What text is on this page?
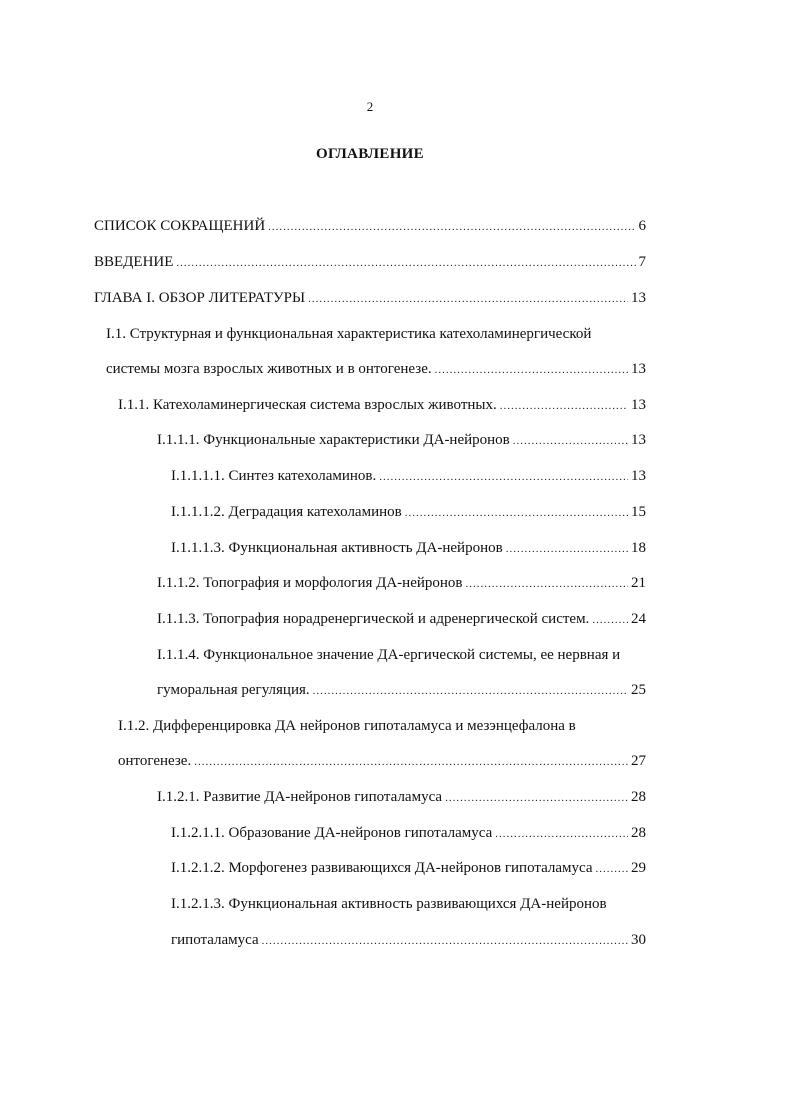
2
ОГЛАВЛЕНИЕ
СПИСОК СОКРАЩЕНИЙ .....	6
ВВЕДЕНИЕ .....	7
ГЛАВА I. ОБЗОР ЛИТЕРАТУРЫ .....	13
I.1. Структурная и функциональная характеристика катехоламинергической
системы мозга взрослых животных и в онтогенезе. .....	13
I.1.1. Катехоламинергическая система взрослых животных. .....	13
I.1.1.1. Функциональные характеристики ДА-нейронов .....	13
I.1.1.1.1. Синтез катехоламинов. .....	13
I.1.1.1.2. Деградация катехоламинов .....	15
I.1.1.1.3. Функциональная активность ДА-нейронов .....	18
I.1.1.2. Топография и морфология ДА-нейронов .....	21
I.1.1.3. Топография норадренергической и адренергической систем. .....	24
I.1.1.4. Функциональное значение ДА-ергической системы, ее нервная и
гуморальная регуляция. .....	25
I.1.2. Дифференцировка ДА нейронов гипоталамуса и мезэнцефалона в
онтогенезе. .....	27
I.1.2.1. Развитие ДА-нейронов гипоталамуса .....	28
I.1.2.1.1. Образование ДА-нейронов гипоталамуса .....	28
I.1.2.1.2. Морфогенез развивающихся ДА-нейронов гипоталамуса .....	29
I.1.2.1.3. Функциональная активность развивающихся ДА-нейронов
гипоталамуса .....	30
